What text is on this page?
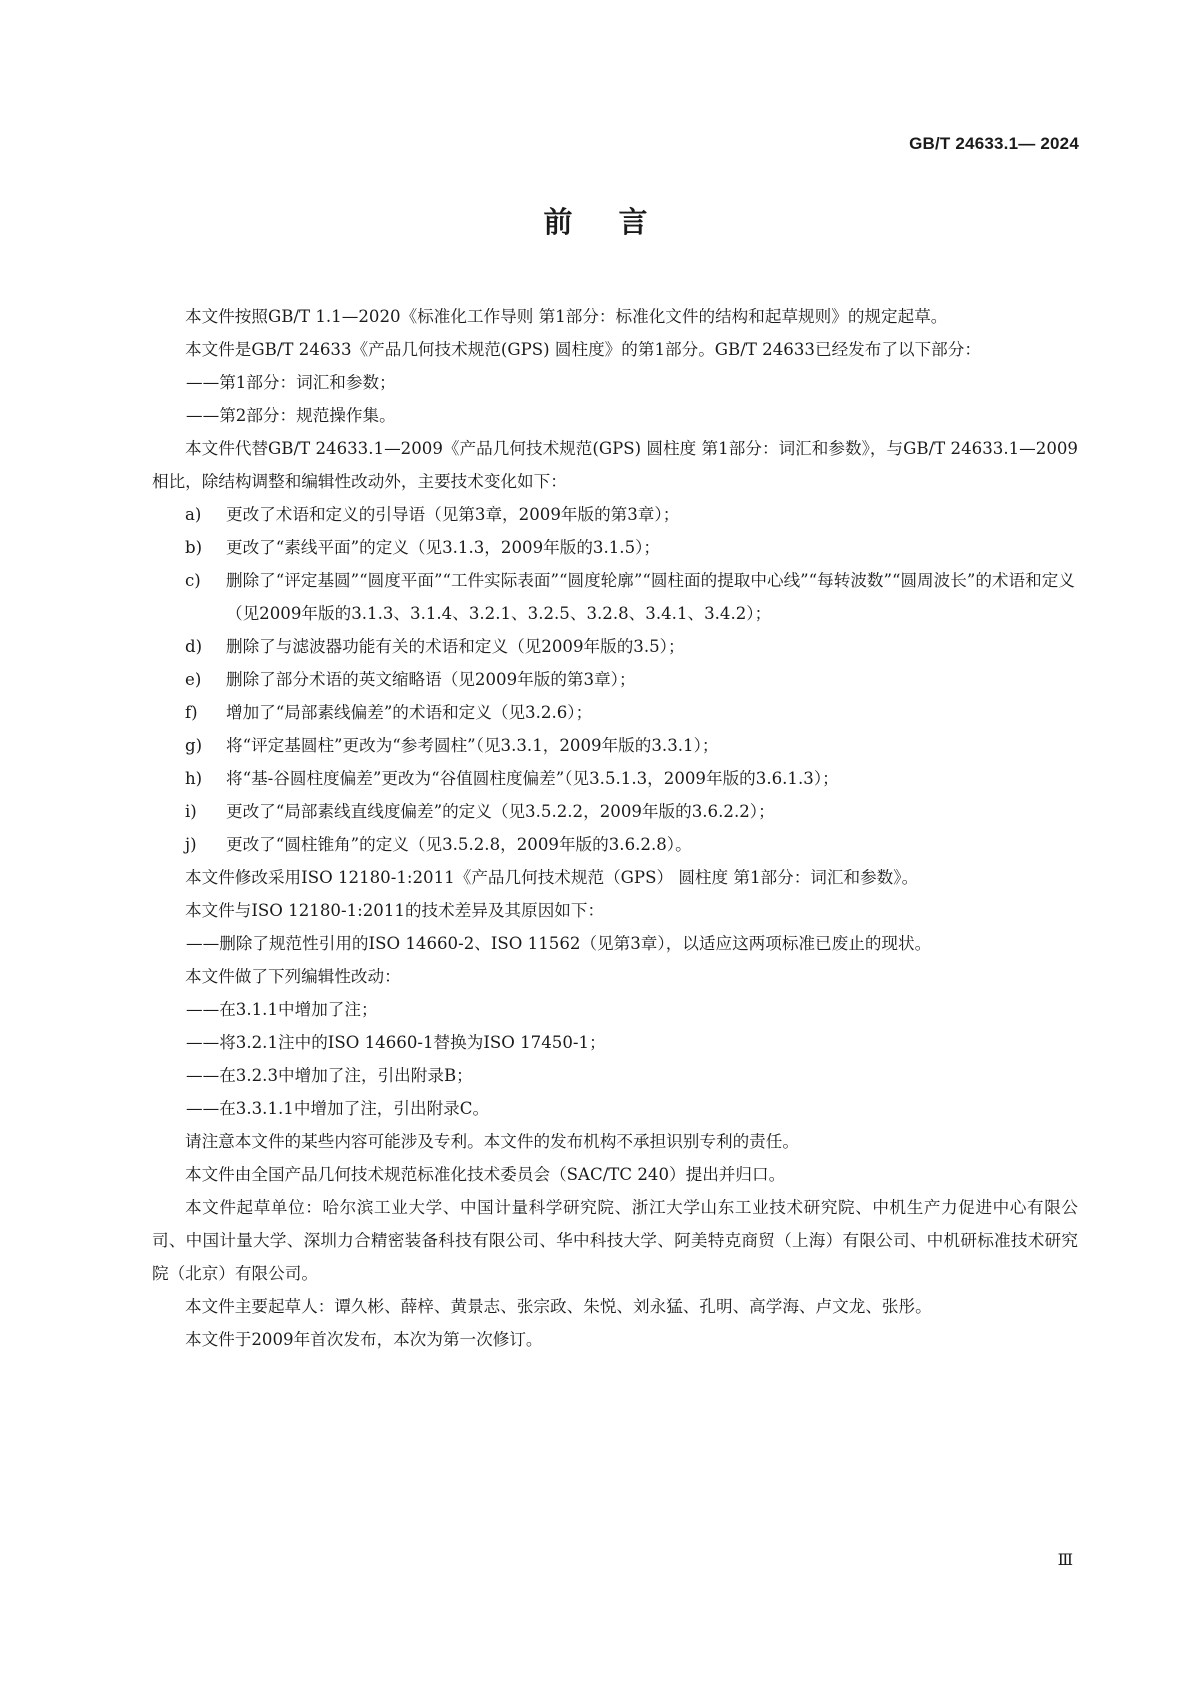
GB/T 24633.1— 2024
前言

本文件按照GB/T 1.1—2020《标准化工作导则 第1部分：标准化文件的结构和起草规则》的规定起草。

本文件是GB/T 24633《产品几何技术规范(GPS) 圆柱度》的第1部分。GB/T 24633已经发布了以下部分：

——第1部分：词汇和参数；

——第2部分：规范操作集。

本文件代替GB/T 24633.1—2009《产品几何技术规范(GPS) 圆柱度 第1部分：词汇和参数》，与GB/T 24633.1—2009相比，除结构调整和编辑性改动外，主要技术变化如下：

a) 更改了术语和定义的引导语（见第3章，2009年版的第3章）；

b) 更改了“素线平面”的定义（见3.1.3，2009年版的3.1.5）；

c) 删除了“评定基圆”“圆度平面”“工件实际表面”“圆度轮廓”“圆柱面的提取中心线”“每转波数”“圆周波长”的术语和定义（见2009年版的3.1.3、3.1.4、3.2.1、3.2.5、3.2.8、3.4.1、3.4.2）；

d) 删除了与滤波器功能有关的术语和定义（见2009年版的3.5）；

e) 删除了部分术语的英文缩略语（见2009年版的第3章）；

f) 增加了“局部素线偏差”的术语和定义（见3.2.6）；

g) 将“评定基圆柱”更改为“参考圆柱”（见3.3.1，2009年版的3.3.1）；

h) 将“基-谷圆柱度偏差”更改为“谷值圆柱度偏差”（见3.5.1.3，2009年版的3.6.1.3）；

i) 更改了“局部素线直线度偏差”的定义（见3.5.2.2，2009年版的3.6.2.2）；

j) 更改了“圆柱锥角”的定义（见3.5.2.8，2009年版的3.6.2.8）。

本文件修改采用ISO 12180-1:2011《产品几何技术规范（GPS） 圆柱度 第1部分：词汇和参数》。

本文件与ISO 12180-1:2011的技术差异及其原因如下：

——删除了规范性引用的ISO 14660-2、ISO 11562（见第3章），以适应这两项标准已废止的现状。

本文件做了下列编辑性改动：

——在3.1.1中增加了注；

——将3.2.1注中的ISO 14660-1替换为ISO 17450-1；

——在3.2.3中增加了注，引出附录B；

——在3.3.1.1中增加了注，引出附录C。

请注意本文件的某些内容可能涉及专利。本文件的发布机构不承担识别专利的责任。

本文件由全国产品几何技术规范标准化技术委员会（SAC/TC 240）提出并归口。

本文件起草单位：哈尔滨工业大学、中国计量科学研究院、浙江大学山东工业技术研究院、中机生产力促进中心有限公司、中国计量大学、深圳力合精密装备科技有限公司、华中科技大学、阿美特克商贸（上海）有限公司、中机研标准技术研究院（北京）有限公司。

本文件主要起草人：谭久彬、薛梓、黄景志、张宗政、朱悦、刘永猛、孔明、高学海、卢文龙、张彤。

本文件于2009年首次发布，本次为第一次修订。

Ⅲ
